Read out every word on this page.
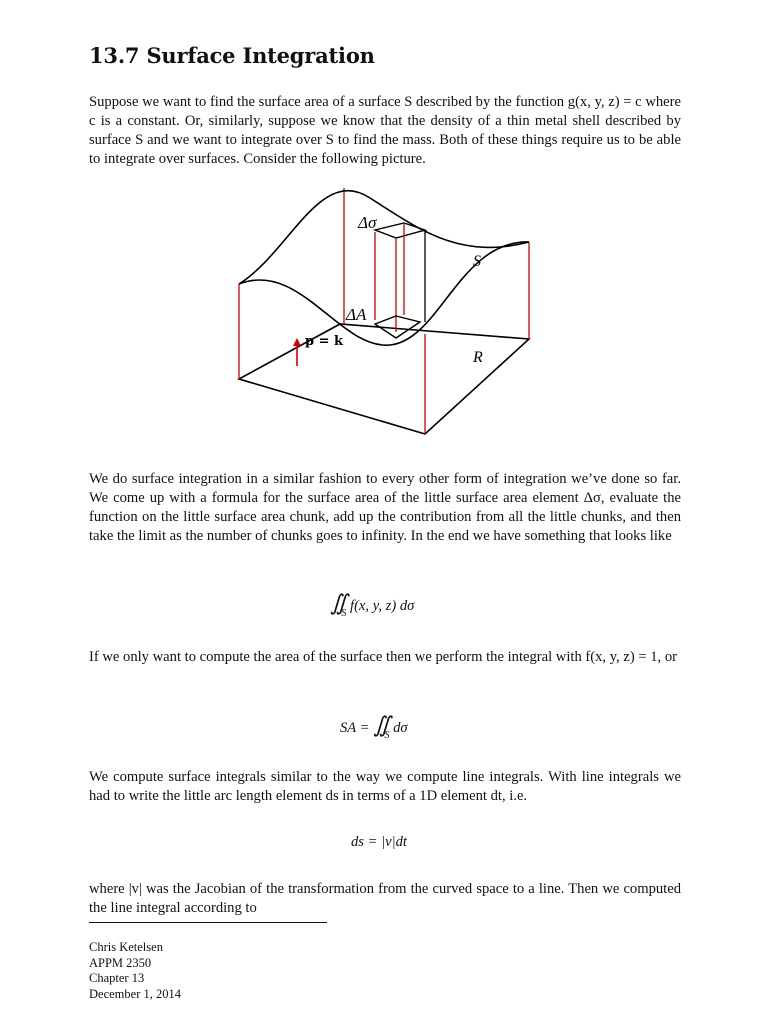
13.7 Surface Integration

Suppose we want to find the surface area of a surface S described by the function g(x, y, z) = c where c is a constant. Or, similarly, suppose we know that the density of a thin metal shell described by surface S and we want to integrate over S to find the mass. Both of these things require us to be able to integrate over surfaces. Consider the following picture.

Δσ
S
ΔA
p = k
R

We do surface integration in a similar fashion to every other form of integration we’ve done so far. We come up with a formula for the surface area of the little surface area element Δσ, evaluate the function on the little surface area chunk, add up the contribution from all the little chunks, and then take the limit as the number of chunks goes to infinity. In the end we have something that looks like

$∬_S$ f(x, y, z) dσ

If we only want to compute the area of the surface then we perform the integral with f(x, y, z) = 1, or

SA = $∬_S$ dσ

We compute surface integrals similar to the way we compute line integrals. With line integrals we had to write the little arc length element ds in terms of a 1D element dt, i.e.

ds = |v|dt

where |v| was the Jacobian of the transformation from the curved space to a line. Then we computed the line integral according to

Chris Ketelsen
APPM 2350
Chapter 13
December 1, 2014
